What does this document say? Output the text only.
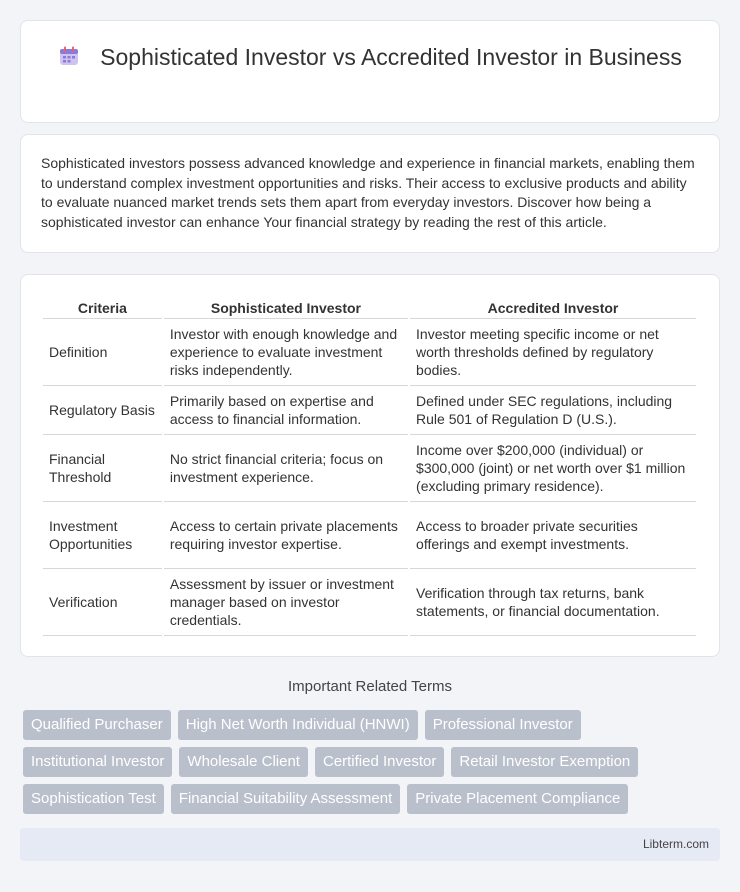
Sophisticated Investor vs Accredited Investor in Business

Sophisticated investors possess advanced knowledge and experience in financial markets, enabling them to understand complex investment opportunities and risks. Their access to exclusive products and ability to evaluate nuanced market trends sets them apart from everyday investors. Discover how being a sophisticated investor can enhance Your financial strategy by reading the rest of this article.

Criteria	Sophisticated Investor	Accredited Investor
Definition	Investor with enough knowledge and experience to evaluate investment risks independently.	Investor meeting specific income or net worth thresholds defined by regulatory bodies.
Regulatory Basis	Primarily based on expertise and access to financial information.	Defined under SEC regulations, including Rule 501 of Regulation D (U.S.).
Financial Threshold	No strict financial criteria; focus on investment experience.	Income over $200,000 (individual) or $300,000 (joint) or net worth over $1 million (excluding primary residence).
Investment Opportunities	Access to certain private placements requiring investor expertise.	Access to broader private securities offerings and exempt investments.
Verification	Assessment by issuer or investment manager based on investor credentials.	Verification through tax returns, bank statements, or financial documentation.
Important Related Terms
Qualified Purchaser	High Net Worth Individual (HNWI)	Professional Investor
Institutional Investor	Wholesale Client	Certified Investor	Retail Investor Exemption
Sophistication Test	Financial Suitability Assessment	Private Placement Compliance
Libterm.com
